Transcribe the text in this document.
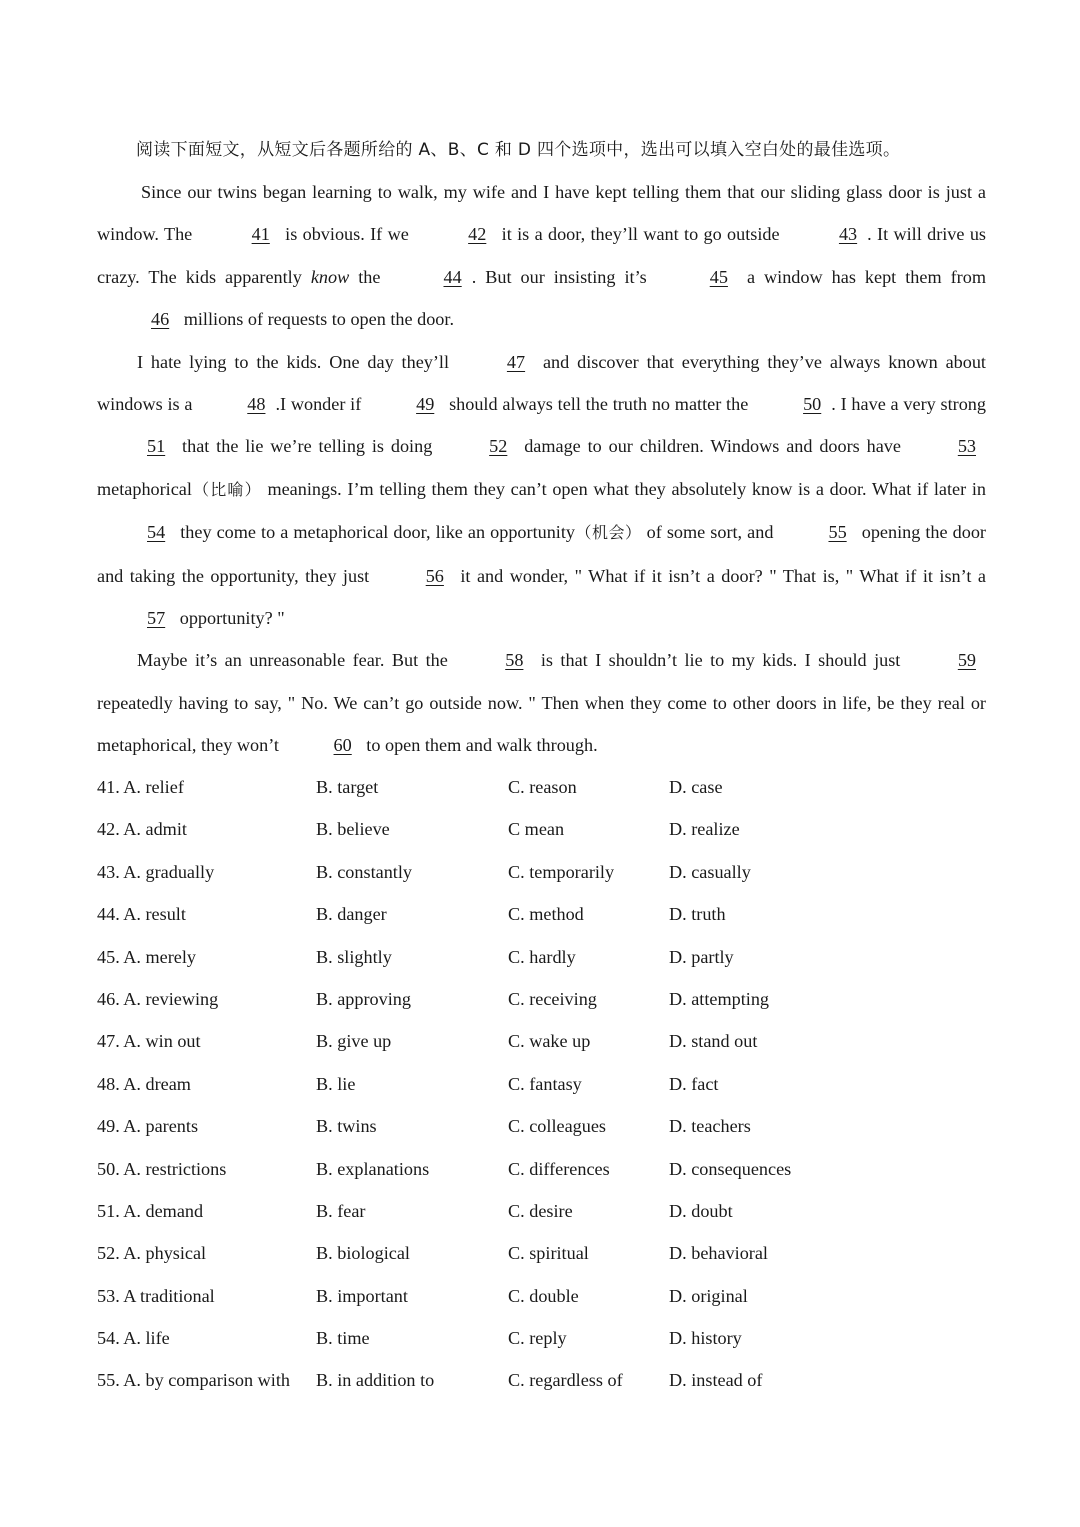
阅读下面短文，从短文后各题所给的 A、B、C 和 D 四个选项中，选出可以填入空白处的最佳选项。

Since our twins began learning to walk, my wife and I have kept telling them that our sliding glass door is just a window. The	41 is obvious. If we	42 it is a door, they’ll want to go outside	43 . It will drive us crazy. The kids apparently know the	44 . But our insisting it’s	45 a window has kept them from 46 millions of requests to open the door.

I hate lying to the kids. One day they’ll	47 and discover that everything they’ve always known about windows is a	48 .I wonder if	49 should always tell the truth no matter the	50 . I have a very strong 51 that the lie we’re telling is doing	52 damage to our children. Windows and doors have	53 metaphorical（比喻） meanings. I’m telling them they can’t open what they absolutely know is a door. What if later in 54 they come to a metaphorical door, like an opportunity（机会） of some sort, and	55 opening the door and taking the opportunity, they just	56 it and wonder, " What if it isn’t a door? " That is, " What if it isn’t a 57 opportunity? "

Maybe it’s an unreasonable fear. But the	58 is that I shouldn’t lie to my kids. I should just	59 repeatedly having to say, " No. We can’t go outside now. " Then when they come to other doors in life, be they real or metaphorical, they won’t	60 to open them and walk through.

41. A. relief	B. target	C. reason	D. case
42. A. admit	B. believe	C mean	D. realize
43. A. gradually	B. constantly	C. temporarily	D. casually
44. A. result	B. danger	C. method	D. truth
45. A. merely	B. slightly	C. hardly	D. partly
46. A. reviewing	B. approving	C. receiving	D. attempting
47. A. win out	B. give up	C. wake up	D. stand out
48. A. dream	B. lie	C. fantasy	D. fact
49. A. parents	B. twins	C. colleagues	D. teachers
50. A. restrictions	B. explanations	C. differences	D. consequences
51. A. demand	B. fear	C. desire	D. doubt
52. A. physical	B. biological	C. spiritual	D. behavioral
53. A traditional	B. important	C. double	D. original
54. A. life	B. time	C. reply	D. history
55. A. by comparison with B. in addition to	C. regardless of	D. instead of
